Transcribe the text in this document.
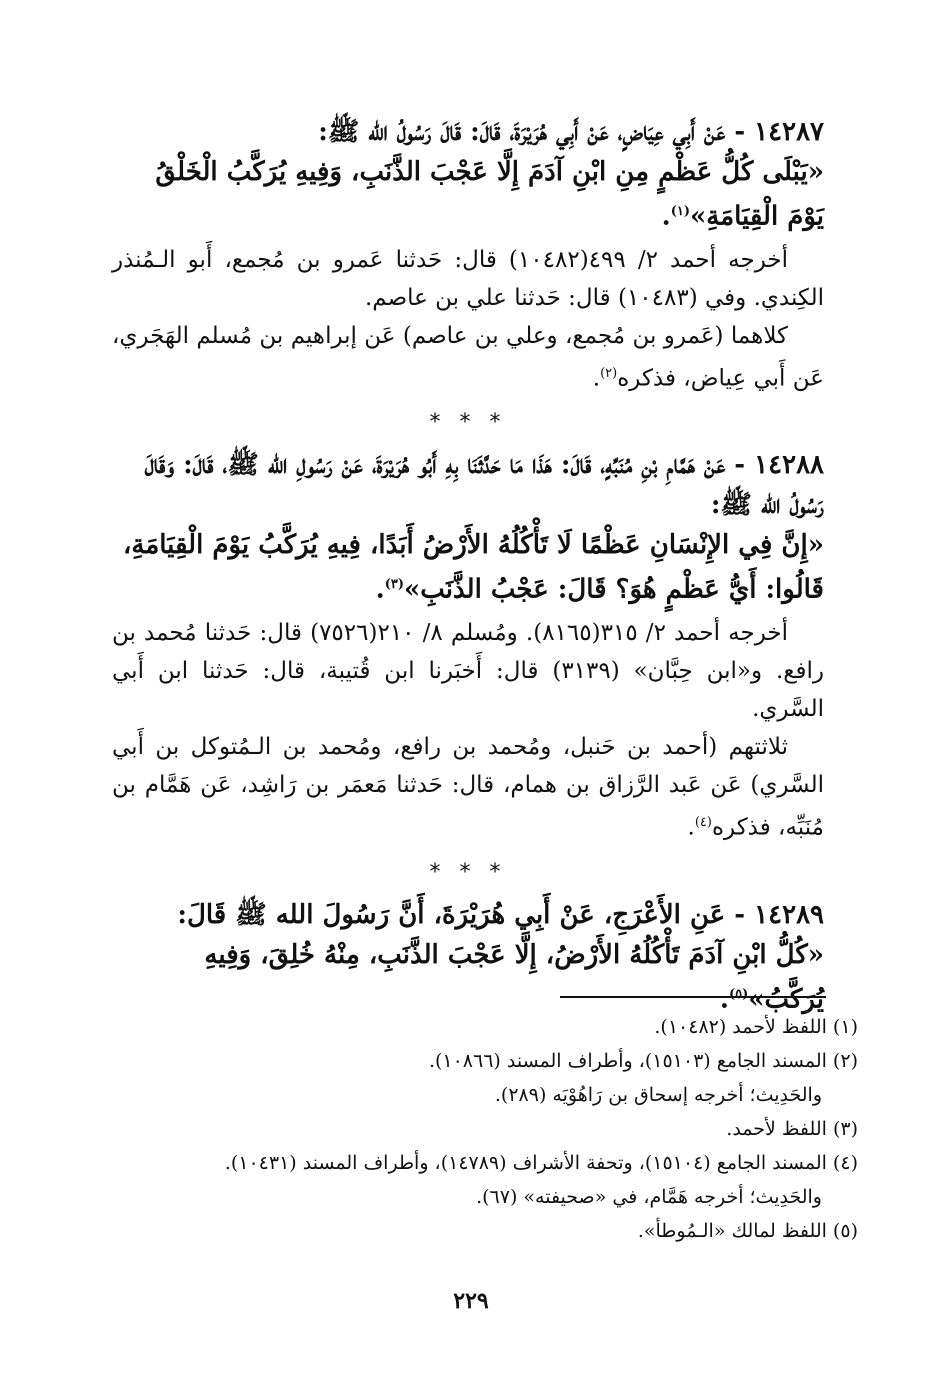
١٤٢٨٧ - عَنْ أَبِي عِيَاضٍ، عَنْ أَبِي هُرَيْرَةَ، قَالَ: قَالَ رَسُولُ الله ﷺ:

«يَبْلَى كُلُّ عَظْمٍ مِنِ ابْنِ آدَمَ إِلَّا عَجْبَ الذَّنَبِ، وَفِيهِ يُرَكَّبُ الْخَلْقُ يَوْمَ الْقِيَامَةِ»$^{(١)}$.

أخرجه أحمد ٢/ ٤٩٩(١٠٤٨٢) قال: حَدثنا عَمرو بن مُجمع، أَبو الـمُنذر الكِندي. وفي (١٠٤٨٣) قال: حَدثنا علي بن عاصم.

كلاهما (عَمرو بن مُجمع، وعلي بن عاصم) عَن إبراهيم بن مُسلم الهَجَري، عَن أَبي عِياض، فذكره$^{(٢)}$.

* * *

١٤٢٨٨ - عَنْ هَمَّامِ بْنِ مُنَبِّهٍ، قَالَ: هَذَا مَا حَدَّثَنَا بِهِ أَبُو هُرَيْرَةَ، عَنْ رَسُولِ الله ﷺ، قَالَ: وَقَالَ رَسُولُ الله ﷺ:

«إِنَّ فِي الإِنْسَانِ عَظْمًا لَا تَأْكُلُهُ الأَرْضُ أَبَدًا، فِيهِ يُرَكَّبُ يَوْمَ الْقِيَامَةِ، قَالُوا: أَيُّ عَظْمٍ هُوَ؟ قَالَ: عَجْبُ الذَّنَبِ»$^{(٣)}$.

أخرجه أحمد ٢/ ٣١٥(٨١٦٥). ومُسلم ٨/ ٢١٠(٧٥٢٦) قال: حَدثنا مُحمد بن رافع. و«ابن حِبَّان» (٣١٣٩) قال: أَخبَرنا ابن قُتيبة، قال: حَدثنا ابن أَبي السَّري.

ثلاثتهم (أحمد بن حَنبل، ومُحمد بن رافع، ومُحمد بن الـمُتوكل بن أَبي السَّري) عَن عَبد الرَّزاق بن همام، قال: حَدثنا مَعمَر بن رَاشِد، عَن هَمَّام بن مُنَبِّه، فذكره$^{(٤)}$.

* * *

١٤٢٨٩ - عَنِ الأَعْرَجِ، عَنْ أَبِي هُرَيْرَةَ، أَنَّ رَسُولَ الله ﷺ قَالَ:

«كُلُّ ابْنِ آدَمَ تَأْكُلُهُ الأَرْضُ، إِلَّا عَجْبَ الذَّنَبِ، مِنْهُ خُلِقَ، وَفِيهِ يُرَكَّبُ»$^{(٥)}$.

(١) اللفظ لأحمد (١٠٤٨٢).
(٢) المسند الجامع (١٥١٠٣)، وأطراف المسند (١٠٨٦٦).
والحَدِيث؛ أخرجه إسحاق بن رَاهُوْيَه (٢٨٩).
(٣) اللفظ لأحمد.
(٤) المسند الجامع (١٥١٠٤)، وتحفة الأشراف (١٤٧٨٩)، وأطراف المسند (١٠٤٣١).
والحَدِيث؛ أخرجه هَمَّام، في «صحيفته» (٦٧).
(٥) اللفظ لمالك «الـمُوطأ».
٢٢٩
